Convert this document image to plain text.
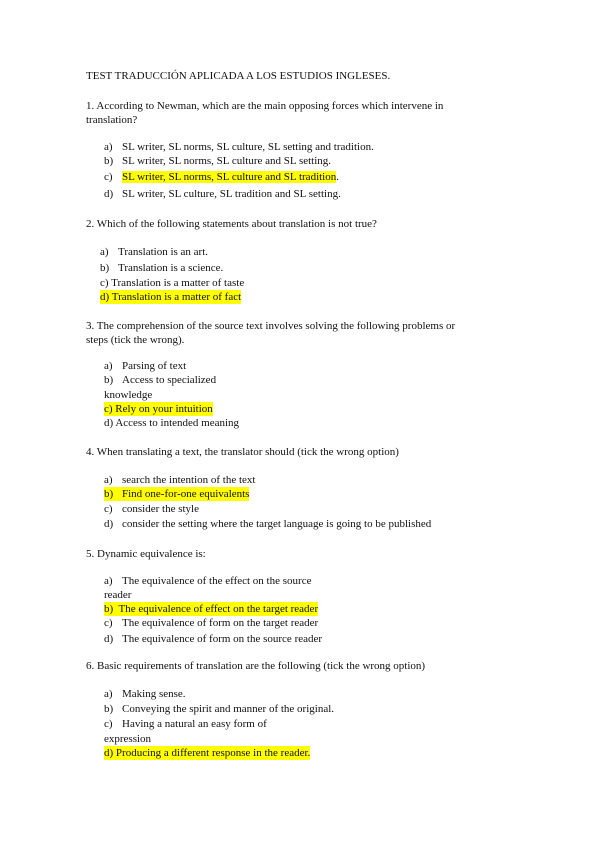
TEST TRADUCCIÓN APLICADA A LOS ESTUDIOS INGLESES.
1. According to Newman, which are the main opposing forces which intervene in
translation?
a) SL writer, SL norms, SL culture, SL setting and tradition.
b) SL writer, SL norms, SL culture and SL setting.
c) SL writer, SL norms, SL culture and SL tradition.
d) SL writer, SL culture, SL tradition and SL setting.
2. Which of the following statements about translation is not true?
a) Translation is an art.
b) Translation is a science.
c) Translation is a matter of taste
d) Translation is a matter of fact
3. The comprehension of the source text involves solving the following problems or
steps (tick the wrong).
a) Parsing of text
b) Access to specialized
knowledge
c) Rely on your intuition
d) Access to intended meaning
4. When translating a text, the translator should (tick the wrong option)
a) search the intention of the text
b) Find one-for-one equivalents
c) consider the style
d) consider the setting where the target language is going to be published
5. Dynamic equivalence is:
a) The equivalence of the effect on the source
reader
b) The equivalence of effect on the target reader
c) The equivalence of form on the target reader
d) The equivalence of form on the source reader
6. Basic requirements of translation are the following (tick the wrong option)
a) Making sense.
b) Conveying the spirit and manner of the original.
c) Having a natural an easy form of
expression
d) Producing a different response in the reader.
